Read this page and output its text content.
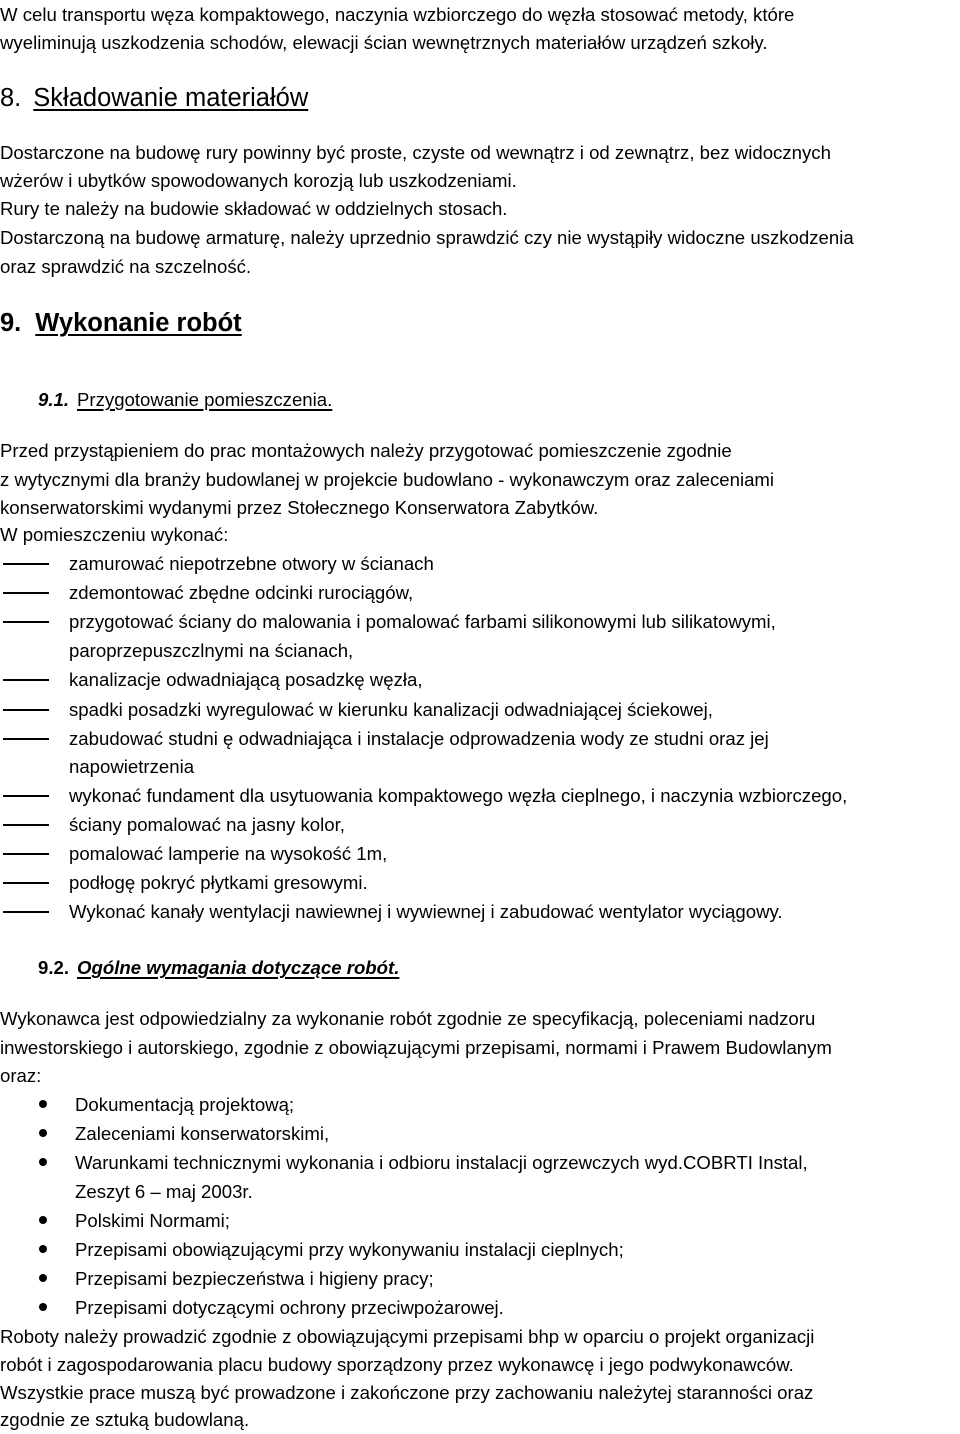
W celu transportu węza kompaktowego, naczynia wzbiorczego do węzła stosować metody, które
wyeliminują uszkodzenia schodów, elewacji ścian wewnętrznych materiałów urządzeń szkoły.
8. Składowanie materiałów
Dostarczone na budowę rury powinny być proste, czyste od wewnątrz i od zewnątrz, bez widocznych
wżerów i ubytków spowodowanych korozją lub uszkodzeniami.
Rury te należy na budowie składować w oddzielnych stosach.
Dostarczoną na budowę armaturę, należy uprzednio sprawdzić czy nie wystąpiły widoczne uszkodzenia
oraz sprawdzić na szczelność.
9. Wykonanie robót
9.1. Przygotowanie pomieszczenia.
Przed przystąpieniem do prac montażowych należy przygotować pomieszczenie zgodnie
z wytycznymi dla branży budowlanej w projekcie budowlano - wykonawczym oraz zaleceniami
konserwatorskimi wydanymi przez Stołecznego Konserwatora Zabytków.
W pomieszczeniu wykonać:
zamurować niepotrzebne otwory w ścianach
zdemontować zbędne odcinki rurociągów,
przygotować ściany do malowania i pomalować farbami silikonowymi lub silikatowymi,
paroprzepuszczlnymi na ścianach,
kanalizacje odwadniającą posadzkę węzła,
spadki posadzki wyregulować w kierunku kanalizacji odwadniającej ściekowej,
zabudować studni ę odwadniająca i instalacje odprowadzenia wody ze studni oraz jej
napowietrzenia
wykonać fundament dla usytuowania kompaktowego węzła cieplnego, i naczynia wzbiorczego,
ściany pomalować na jasny kolor,
pomalować lamperie na wysokość 1m,
podłogę pokryć płytkami gresowymi.
Wykonać kanały wentylacji nawiewnej i wywiewnej i zabudować wentylator wyciągowy.
9.2. Ogólne wymagania dotyczące robót.
Wykonawca jest odpowiedzialny za wykonanie robót zgodnie ze specyfikacją, poleceniami nadzoru
inwestorskiego i autorskiego, zgodnie z obowiązującymi przepisami, normami i Prawem Budowlanym
oraz:
Dokumentacją projektową;
Zaleceniami konserwatorskimi,
Warunkami technicznymi wykonania i odbioru instalacji ogrzewczych wyd.COBRTI Instal,
Zeszyt 6 – maj 2003r.
Polskimi Normami;
Przepisami obowiązującymi przy wykonywaniu instalacji cieplnych;
Przepisami bezpieczeństwa i higieny pracy;
Przepisami dotyczącymi ochrony przeciwpożarowej.
Roboty należy prowadzić zgodnie z obowiązującymi przepisami bhp w oparciu o projekt organizacji
robót i zagospodarowania placu budowy sporządzony przez wykonawcę i jego podwykonawców.
Wszystkie prace muszą być prowadzone i zakończone przy zachowaniu należytej staranności oraz
zgodnie ze sztuką budowlaną.
